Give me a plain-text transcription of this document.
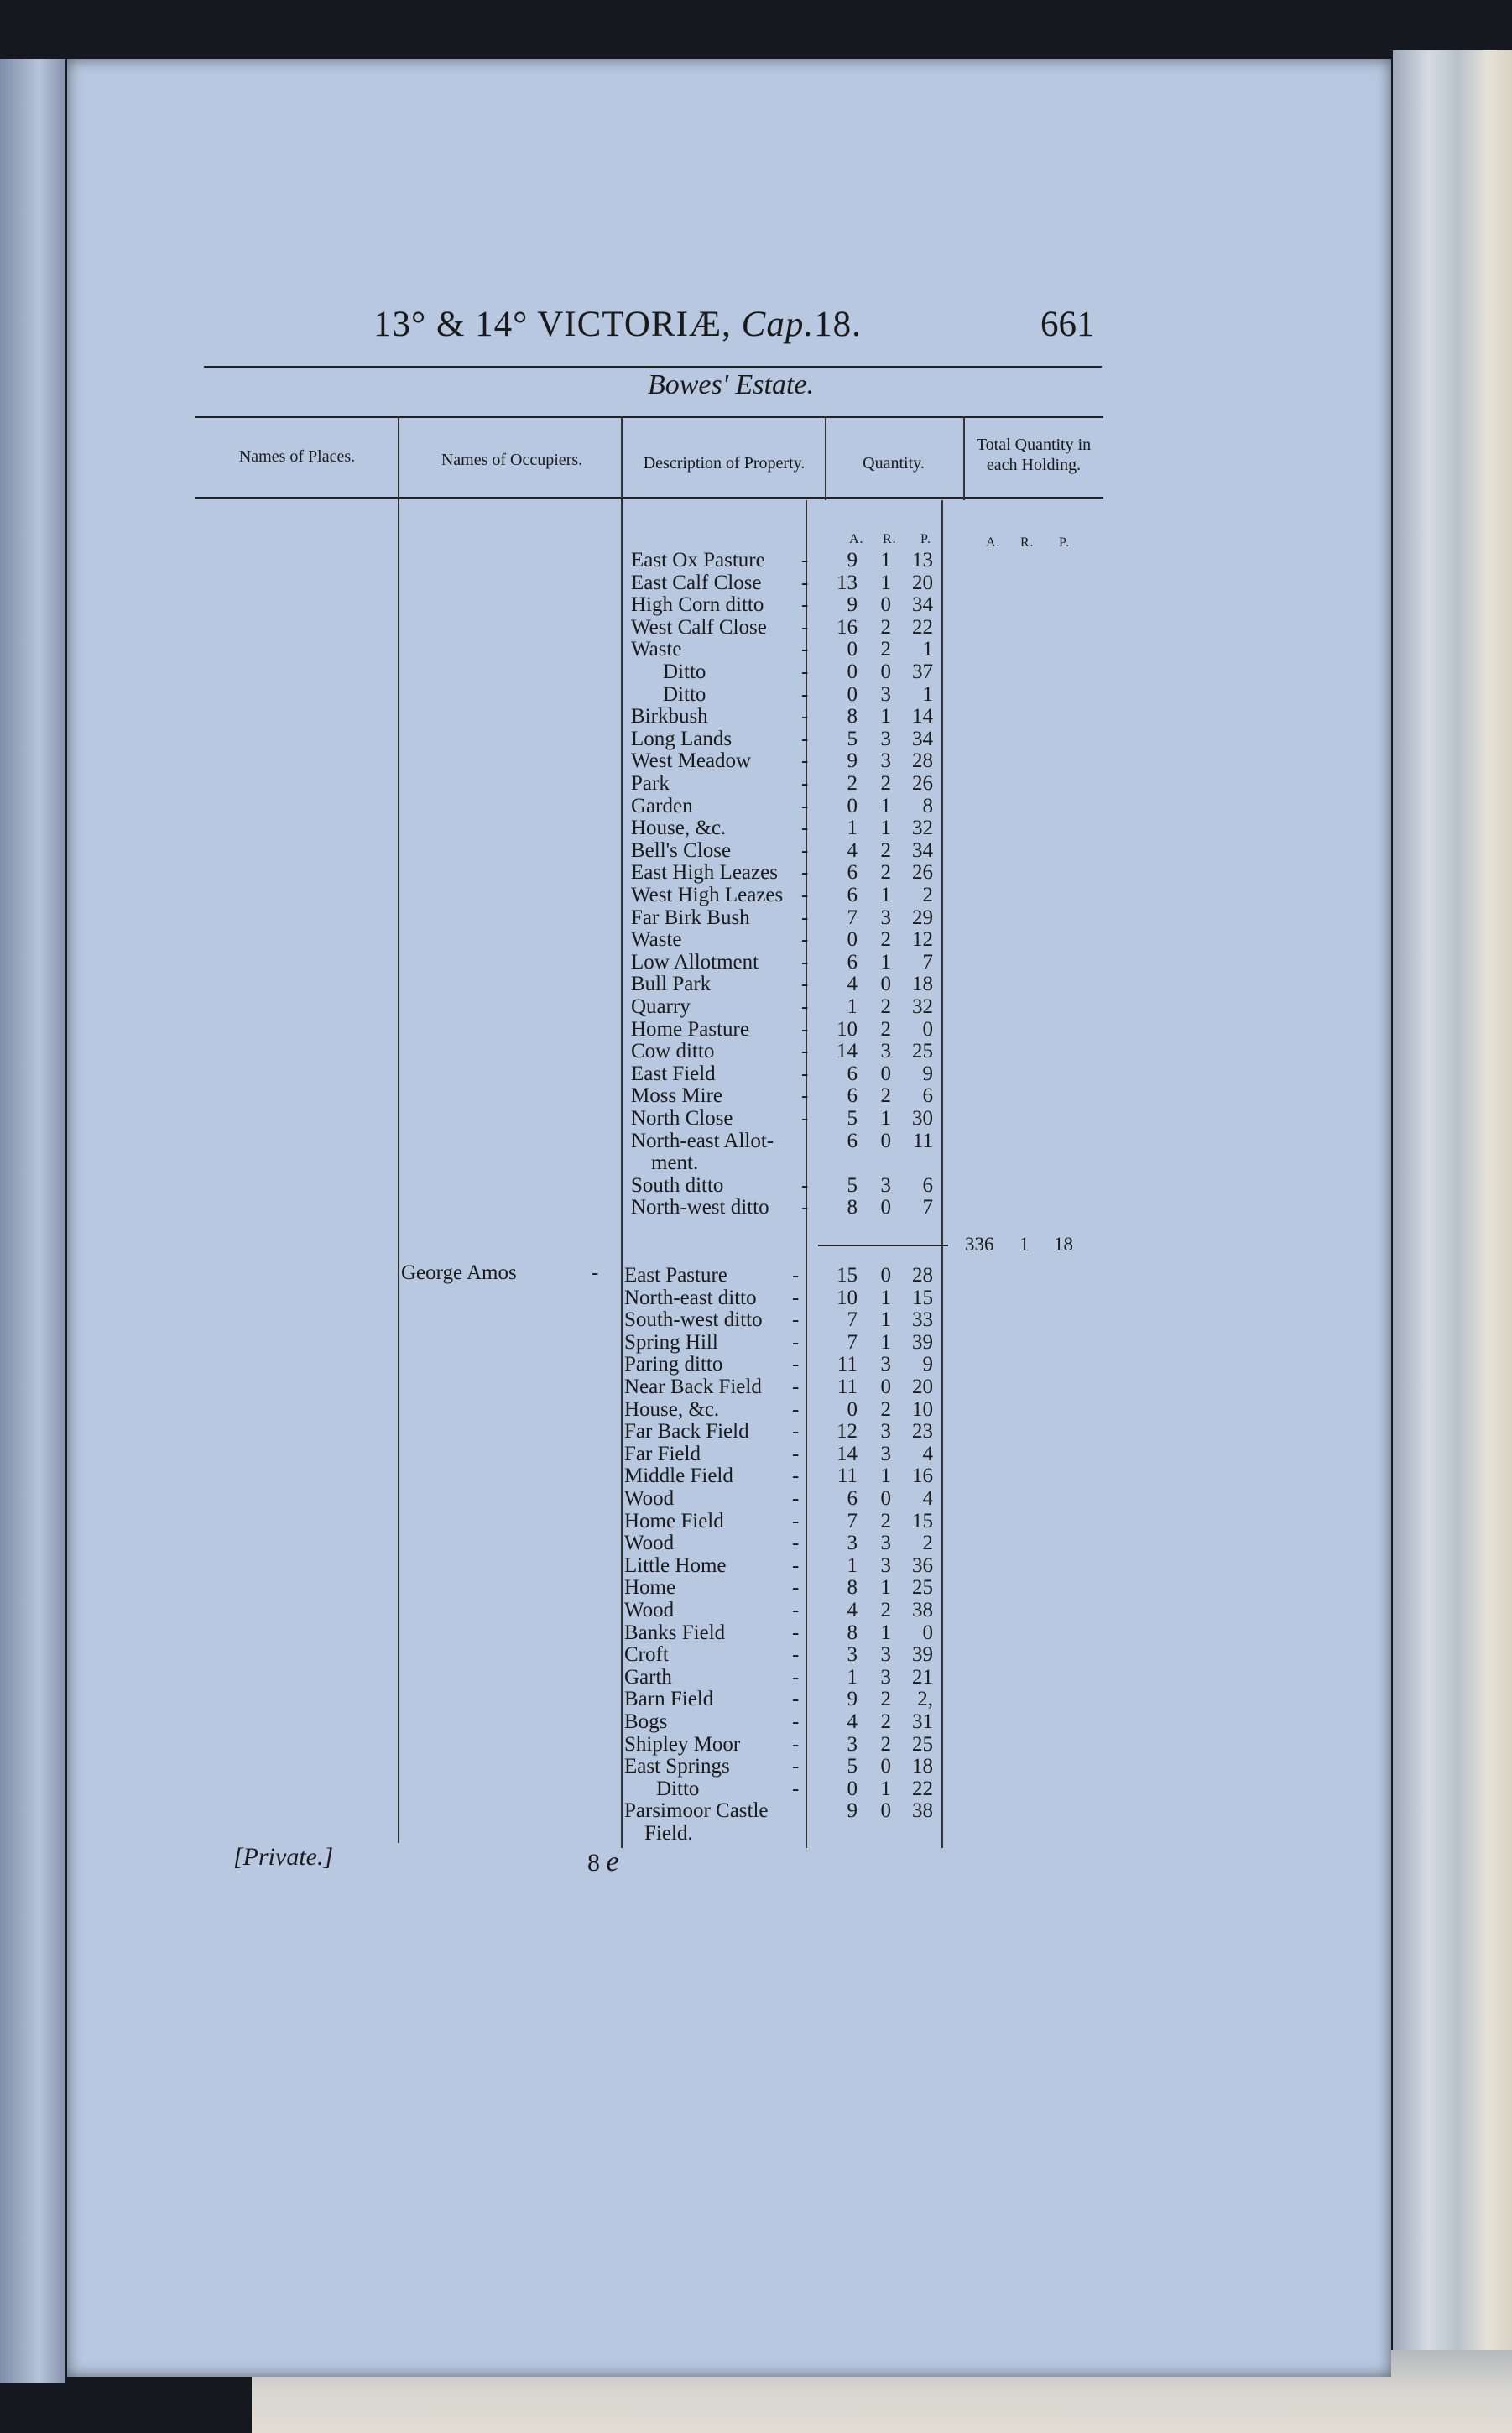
13° & 14° VICTORIÆ, Cap.18.	661
Bowes' Estate.
Names of Places.	Names of Occupiers.	Description of Property.	Quantity.
Total Quantity in each Holding.
A. R. P.	A. R. P.
East Ox Pasture -	9	1	13
East Calf Close -	13	1	20
High Corn ditto -	9	0	34
West Calf Close -	16	2	22
Waste	-	0	2	1
Ditto	-	0	0	37
Ditto	-	0	3	1
Birkbush	-	8	1	14
Long Lands	-	5	3	34
West Meadow -	9	3	28
Park	-	2	2	26
Garden	-	0	1	8
House, &c.	-	1	1	32
Bell's Close	-	4	2	34
East High Leazes -	6	2	26
West High Leazes -	6	1	2
Far Birk Bush -	7	3	29
Waste	-	0	2	12
Low Allotment -	6	1	7
Bull Park	-	4	0	18
Quarry	-	1	2	32
Home Pasture -	10	2	0
Cow ditto	-	14	3	25
East Field	-	6	0	9
Moss Mire	-	6	2	6
North Close	-	5	1	30
North-east Allot-	6	0	11
ment.
South ditto	-	5	3	6
North-west ditto -	8	0	7
336 1 18
George Amos	- East Pasture	-	15	0	28
North-east ditto -	10	1	15
South-west ditto -	7	1	33
Spring Hill	-	7	1	39
Paring ditto	-	11	3	9
Near Back Field -	11	0	20
House, &c.	-	0	2	10
Far Back Field -	12	3	23
Far Field	-	14	3	4
Middle Field	-	11	1	16
Wood	-	6	0	4
Home Field	-	7	2	15
Wood	-	3	3	2
Little Home	-	1	3	36
Home	-	8	1	25
Wood	-	4	2	38
Banks Field	-	8	1	0
Croft	-	3	3	39
Garth	-	1	3	21
Barn Field	-	9	2	2,
Bogs	-	4	2	31
Shipley Moor -	3	2	25
East Springs	-	5	0	18
Ditto	-	0	1	22
Parsimoor Castle	9	0	38
Field.
[Private.]	8 e
